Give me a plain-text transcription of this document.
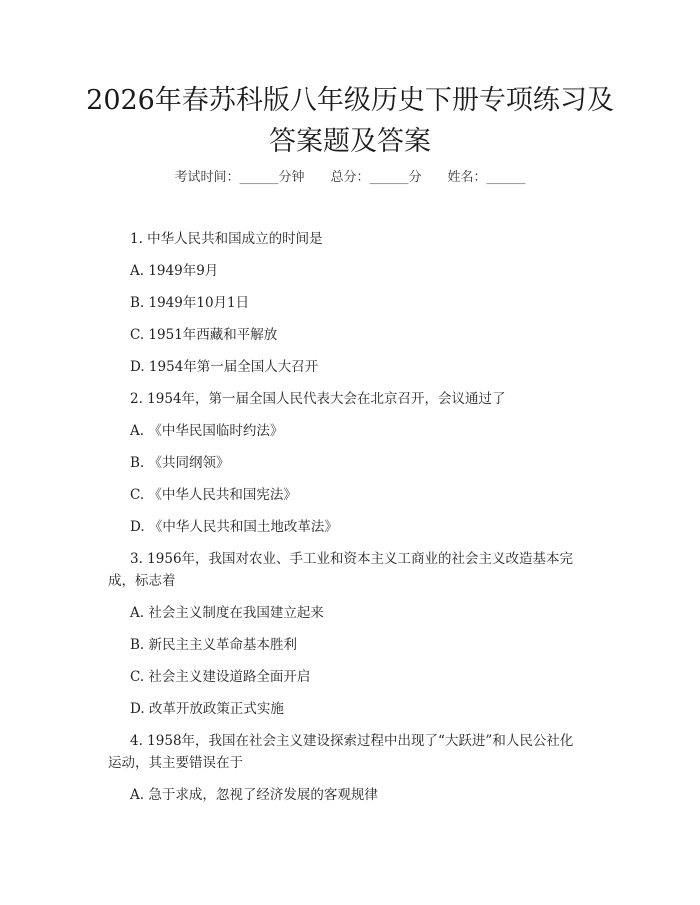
2026年春苏科版八年级历史下册专项练习及
答案题及答案
考试时间：______分钟 总分：______分 姓名：______
1. 中华人民共和国成立的时间是
A. 1949年9月
B. 1949年10月1日
C. 1951年西藏和平解放
D. 1954年第一届全国人大召开
2. 1954年，第一届全国人民代表大会在北京召开，会议通过了
A. 《中华民国临时约法》
B. 《共同纲领》
C. 《中华人民共和国宪法》
D. 《中华人民共和国土地改革法》
3. 1956年，我国对农业、手工业和资本主义工商业的社会主义改造基本完
成，标志着
A. 社会主义制度在我国建立起来
B. 新民主主义革命基本胜利
C. 社会主义建设道路全面开启
D. 改革开放政策正式实施
4. 1958年，我国在社会主义建设探索过程中出现了“大跃进”和人民公社化
运动，其主要错误在于
A. 急于求成，忽视了经济发展的客观规律
